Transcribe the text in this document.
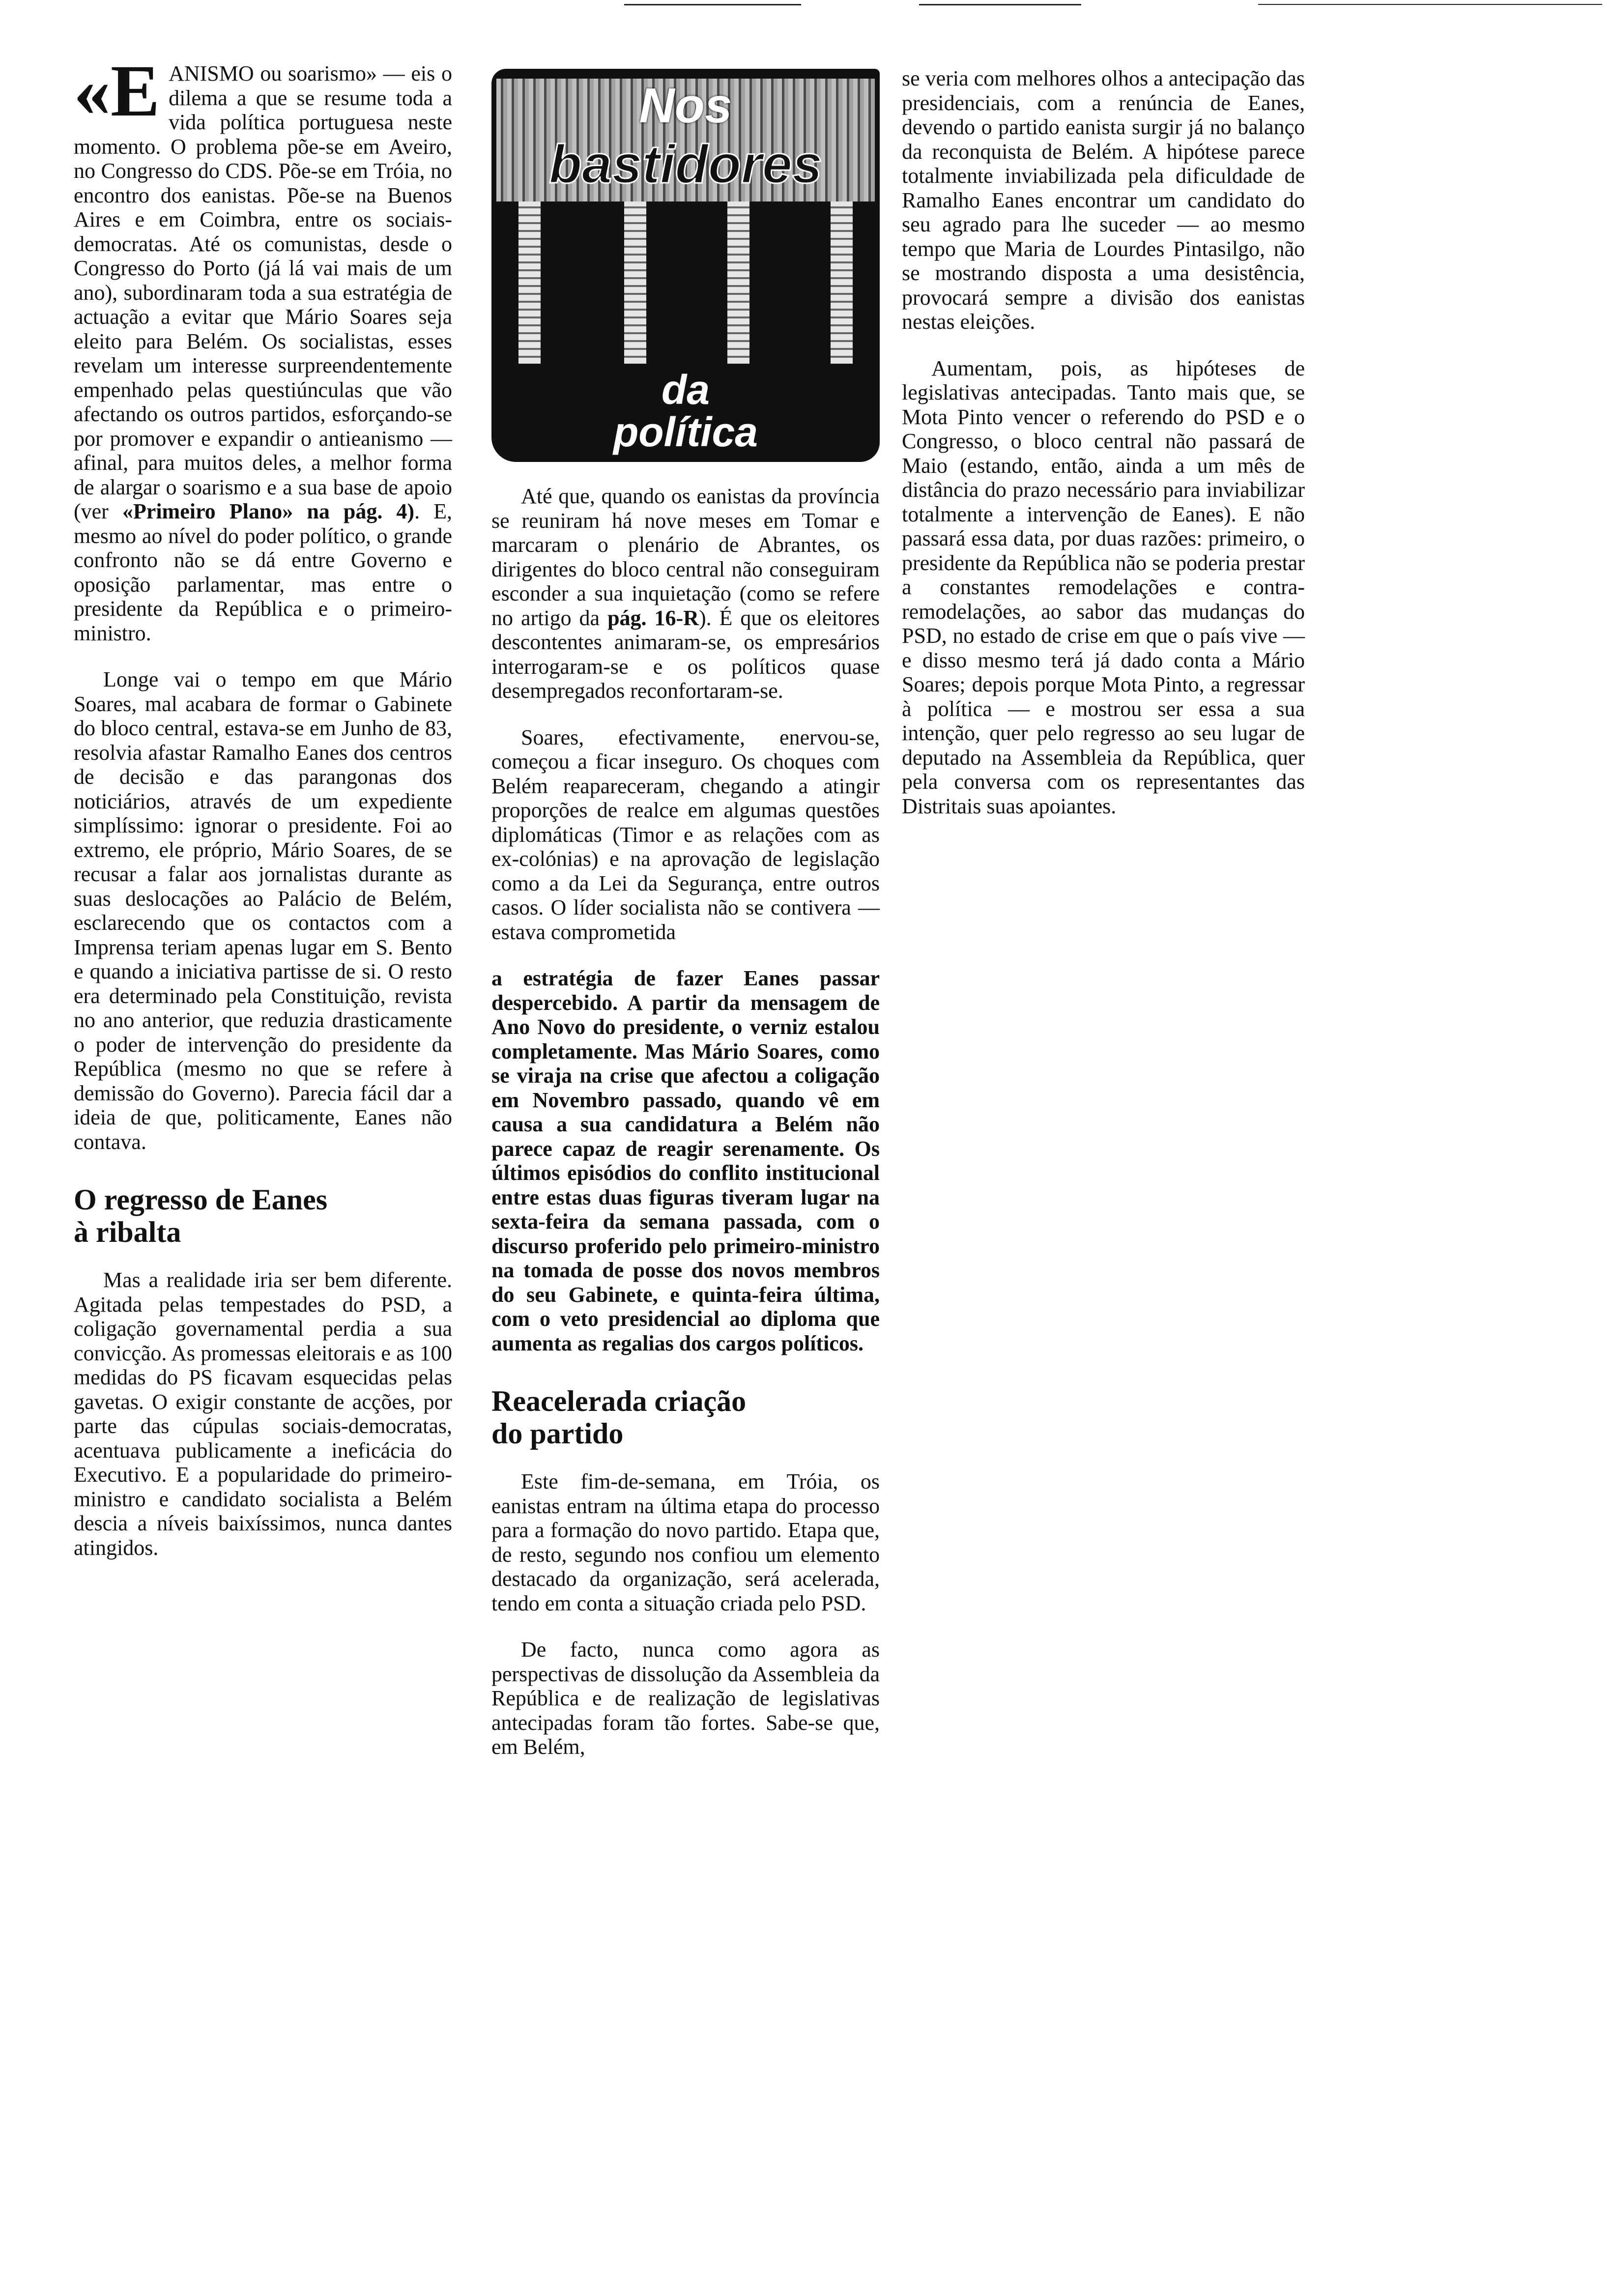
«E ANISMO ou soarismo» — eis o dilema a que se resume toda a vida política portuguesa neste momento. O problema põe-se em Aveiro, no Congresso do CDS. Põe-se em Tróia, no encontro dos eanistas. Põe-se na Buenos Aires e em Coimbra, entre os sociais-democratas. Até os comunistas, desde o Congresso do Porto (já lá vai mais de um ano), subordinaram toda a sua estratégia de actuação a evitar que Mário Soares seja eleito para Belém. Os socialistas, esses revelam um interesse surpreendentemente empenhado pelas questiúnculas que vão afectando os outros partidos, esforçando-se por promover e expandir o antieanismo — afinal, para muitos deles, a melhor forma de alargar o soarismo e a sua base de apoio (ver «Primeiro Plano» na pág. 4). E, mesmo ao nível do poder político, o grande confronto não se dá entre Governo e oposição parlamentar, mas entre o presidente da República e o primeiro-ministro.

Longe vai o tempo em que Mário Soares, mal acabara de formar o Gabinete do bloco central, estava-se em Junho de 83, resolvia afastar Ramalho Eanes dos centros de decisão e das parangonas dos noticiários, através de um expediente simplíssimo: ignorar o presidente. Foi ao extremo, ele próprio, Mário Soares, de se recusar a falar aos jornalistas durante as suas deslocações ao Palácio de Belém, esclarecendo que os contactos com a Imprensa teriam apenas lugar em S. Bento e quando a iniciativa partisse de si. O resto era determinado pela Constituição, revista no ano anterior, que reduzia drasticamente o poder de intervenção do presidente da República (mesmo no que se refere à demissão do Governo). Parecia fácil dar a ideia de que, politicamente, Eanes não contava.

O regresso de Eanes à ribalta

Mas a realidade iria ser bem diferente. Agitada pelas tempestades do PSD, a coligação governamental perdia a sua convicção. As promessas eleitorais e as 100 medidas do PS ficavam esquecidas pelas gavetas. O exigir constante de acções, por parte das cúpulas sociais-democratas, acentuava publicamente a ineficácia do Executivo. E a popularidade do primeiro-ministro e candidato socialista a Belém descia a níveis baixíssimos, nunca dantes atingidos.

Nos
bastidores
da
política

Até que, quando os eanistas da província se reuniram há nove meses em Tomar e marcaram o plenário de Abrantes, os dirigentes do bloco central não conseguiram esconder a sua inquietação (como se refere no artigo da pág. 16-R). É que os eleitores descontentes animaram-se, os empresários interrogaram-se e os políticos quase desempregados reconfortaram-se.

Soares, efectivamente, enervou-se, começou a ficar inseguro. Os choques com Belém reapareceram, chegando a atingir proporções de realce em algumas questões diplomáticas (Timor e as relações com as ex-colónias) e na aprovação de legislação como a da Lei da Segurança, entre outros casos. O líder socialista não se contivera — estava comprometida

a estratégia de fazer Eanes passar despercebido. A partir da mensagem de Ano Novo do presidente, o verniz estalou completamente. Mas Mário Soares, como se viraja na crise que afectou a coligação em Novembro passado, quando vê em causa a sua candidatura a Belém não parece capaz de reagir serenamente. Os últimos episódios do conflito institucional entre estas duas figuras tiveram lugar na sexta-feira da semana passada, com o discurso proferido pelo primeiro-ministro na tomada de posse dos novos membros do seu Gabinete, e quinta-feira última, com o veto presidencial ao diploma que aumenta as regalias dos cargos políticos.

Reacelerada criação do partido

Este fim-de-semana, em Tróia, os eanistas entram na última etapa do processo para a formação do novo partido. Etapa que, de resto, segundo nos confiou um elemento destacado da organização, será acelerada, tendo em conta a situação criada pelo PSD.

De facto, nunca como agora as perspectivas de dissolução da Assembleia da República e de realização de legislativas antecipadas foram tão fortes. Sabe-se que, em Belém,

se veria com melhores olhos a antecipação das presidenciais, com a renúncia de Eanes, devendo o partido eanista surgir já no balanço da reconquista de Belém. A hipótese parece totalmente inviabilizada pela dificuldade de Ramalho Eanes encontrar um candidato do seu agrado para lhe suceder — ao mesmo tempo que Maria de Lourdes Pintasilgo, não se mostrando disposta a uma desistência, provocará sempre a divisão dos eanistas nestas eleições.

Aumentam, pois, as hipóteses de legislativas antecipadas. Tanto mais que, se Mota Pinto vencer o referendo do PSD e o Congresso, o bloco central não passará de Maio (estando, então, ainda a um mês de distância do prazo necessário para inviabilizar totalmente a intervenção de Eanes). E não passará essa data, por duas razões: primeiro, o presidente da República não se poderia prestar a constantes remodelações e contra-remodelações, ao sabor das mudanças do PSD, no estado de crise em que o país vive — e disso mesmo terá já dado conta a Mário Soares; depois porque Mota Pinto, a regressar à política — e mostrou ser essa a sua intenção, quer pelo regresso ao seu lugar de deputado na Assembleia da República, quer pela conversa com os representantes das Distritais suas apoiantes.
